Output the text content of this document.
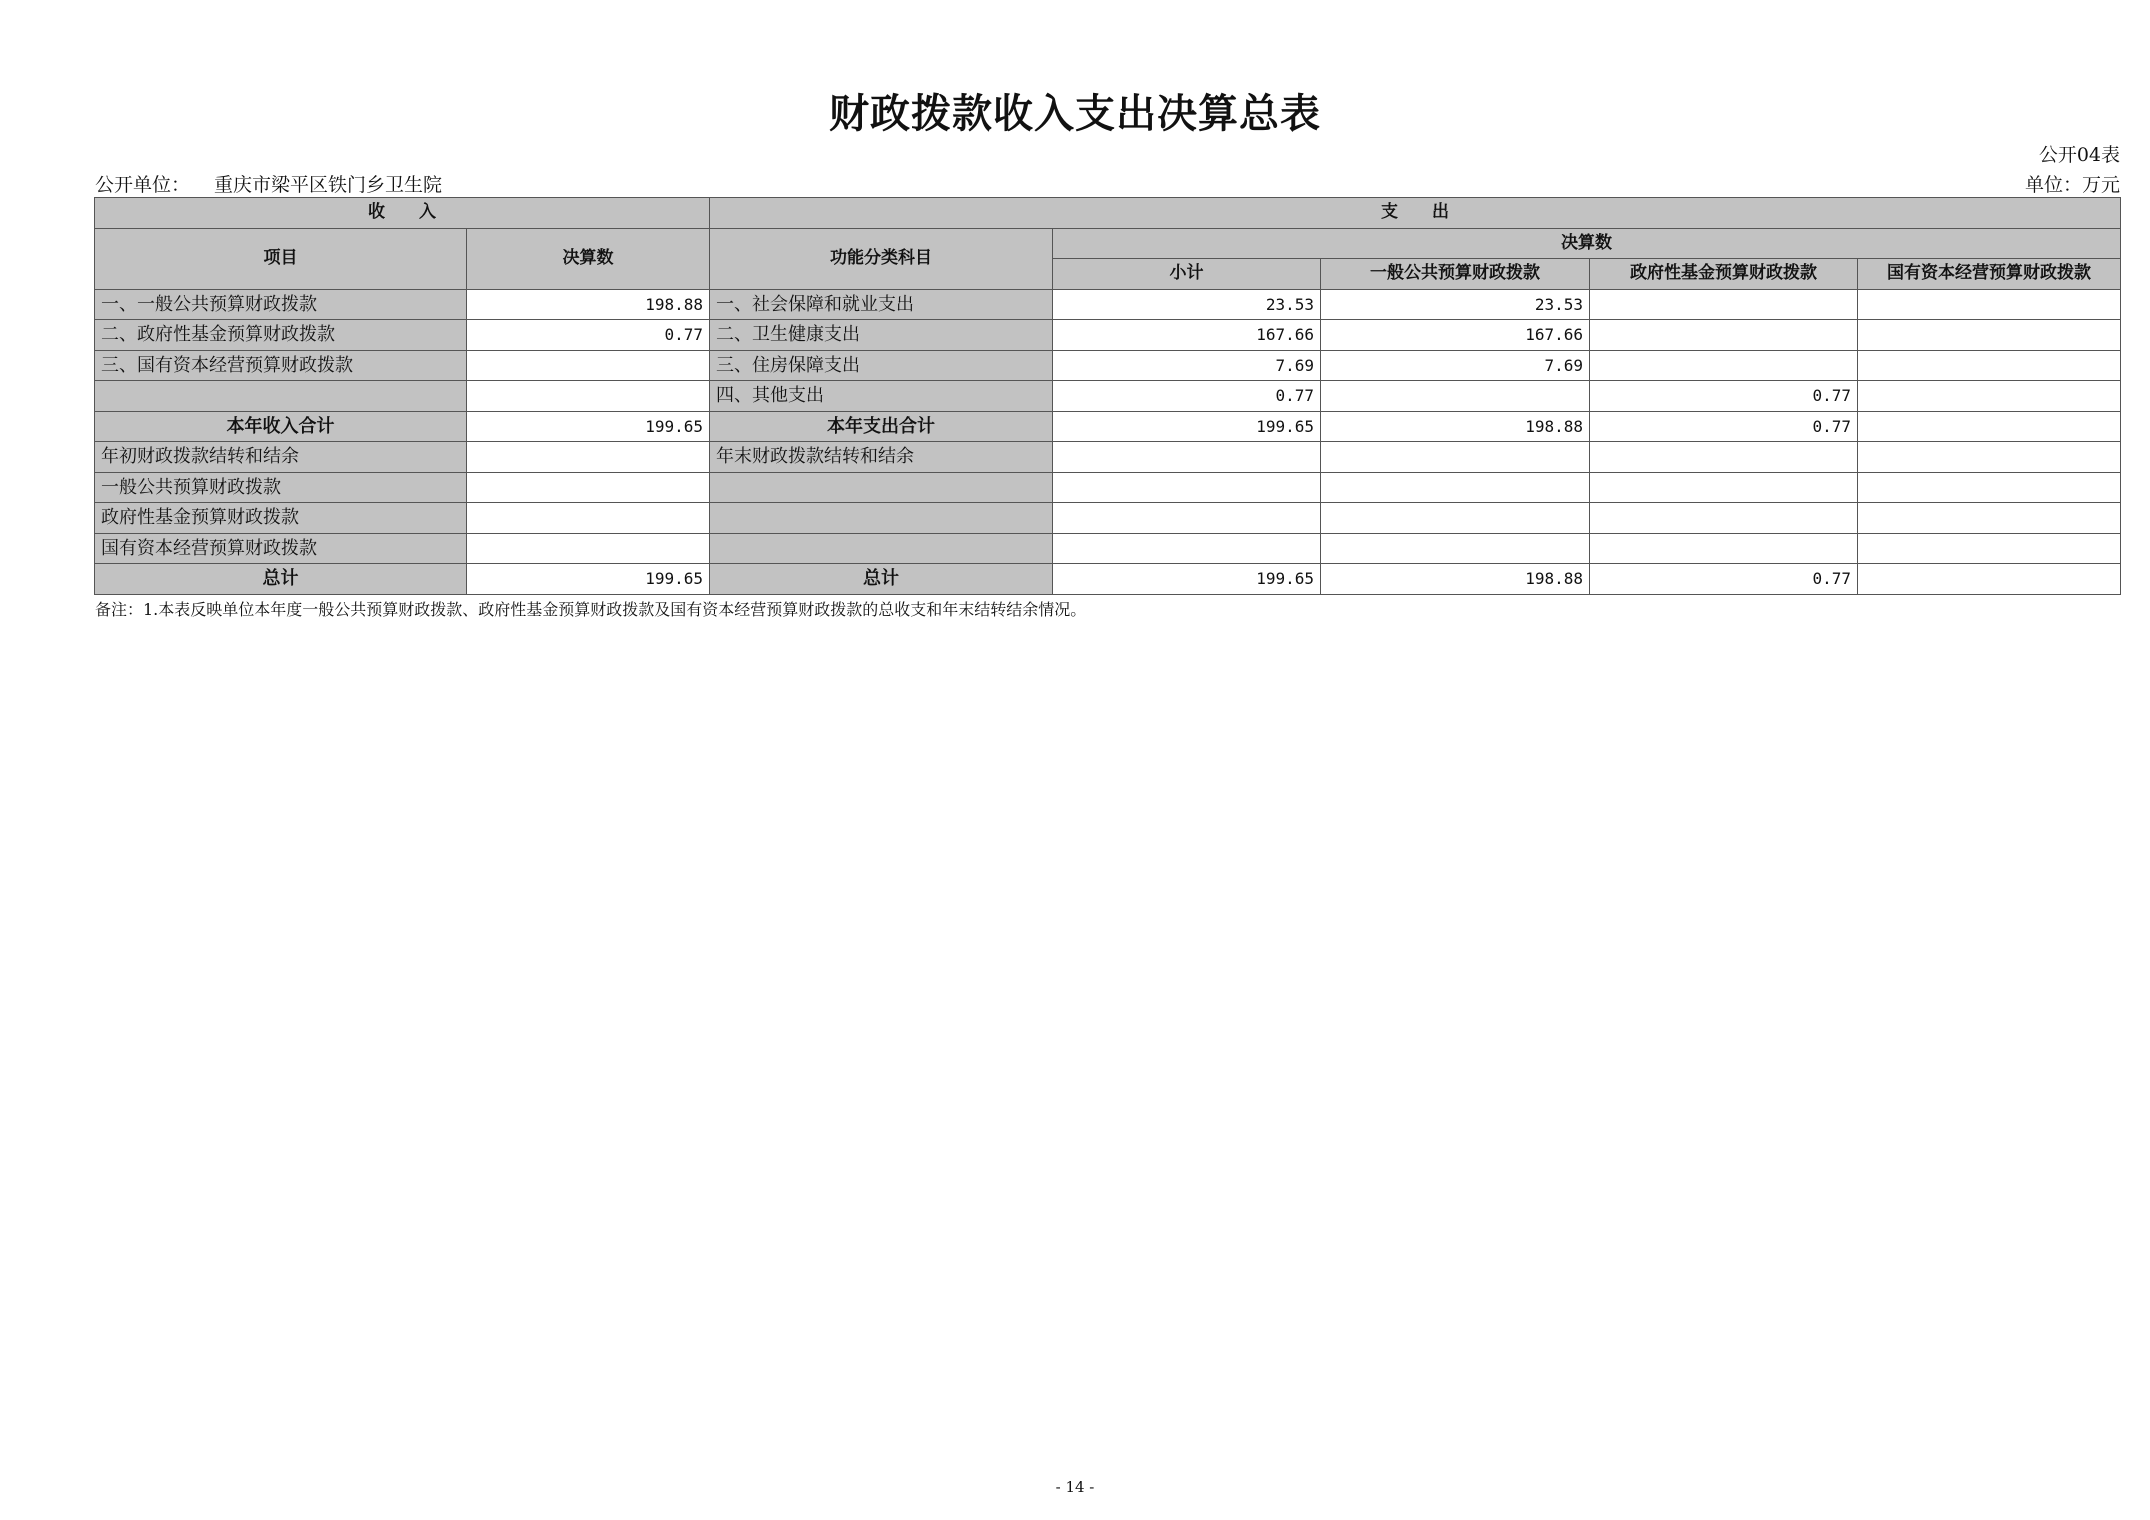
财政拨款收入支出决算总表
公开04表
公开单位： 重庆市梁平区铁门乡卫生院	单位：万元
收　　入		支　　出				
项目	决算数	功能分类科目	决算数			
			小计	一般公共预算财政拨款	政府性基金预算财政拨款	国有资本经营预算财政拨款
一、一般公共预算财政拨款	198.88	一、社会保障和就业支出	23.53	23.53		
二、政府性基金预算财政拨款	0.77	二、卫生健康支出	167.66	167.66		
三、国有资本经营预算财政拨款		三、住房保障支出	7.69	7.69		
		四、其他支出	0.77		0.77	
本年收入合计	199.65	本年支出合计	199.65	198.88	0.77	
年初财政拨款结转和结余		年末财政拨款结转和结余				
一般公共预算财政拨款						
政府性基金预算财政拨款						
国有资本经营预算财政拨款						
总计	199.65	总计	199.65	198.88	0.77	
备注：1.本表反映单位本年度一般公共预算财政拨款、政府性基金预算财政拨款及国有资本经营预算财政拨款的总收支和年末结转结余情况。
- 14 -
